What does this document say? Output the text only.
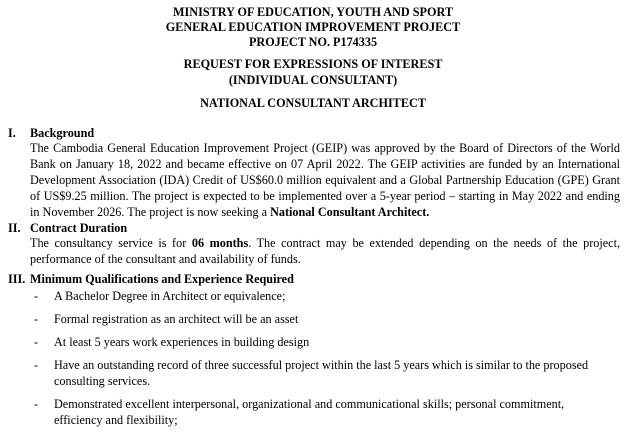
MINISTRY OF EDUCATION, YOUTH AND SPORT
GENERAL EDUCATION IMPROVEMENT PROJECT
PROJECT NO. P174335
REQUEST FOR EXPRESSIONS OF INTEREST
(INDIVIDUAL CONSULTANT)
NATIONAL CONSULTANT ARCHITECT
I. Background
The Cambodia General Education Improvement Project (GEIP) was approved by the Board of Directors of the World Bank on January 18, 2022 and became effective on 07 April 2022. The GEIP activities are funded by an International Development Association (IDA) Credit of US$60.0 million equivalent and a Global Partnership Education (GPE) Grant of US$9.25 million. The project is expected to be implemented over a 5-year period – starting in May 2022 and ending in November 2026. The project is now seeking a National Consultant Architect.
II. Contract Duration
The consultancy service is for 06 months. The contract may be extended depending on the needs of the project, performance of the consultant and availability of funds.
III. Minimum Qualifications and Experience Required
- A Bachelor Degree in Architect or equivalence;
- Formal registration as an architect will be an asset
- At least 5 years work experiences in building design
- Have an outstanding record of three successful project within the last 5 years which is similar to the proposed consulting services.
- Demonstrated excellent interpersonal, organizational and communicational skills; personal commitment, efficiency and flexibility;
